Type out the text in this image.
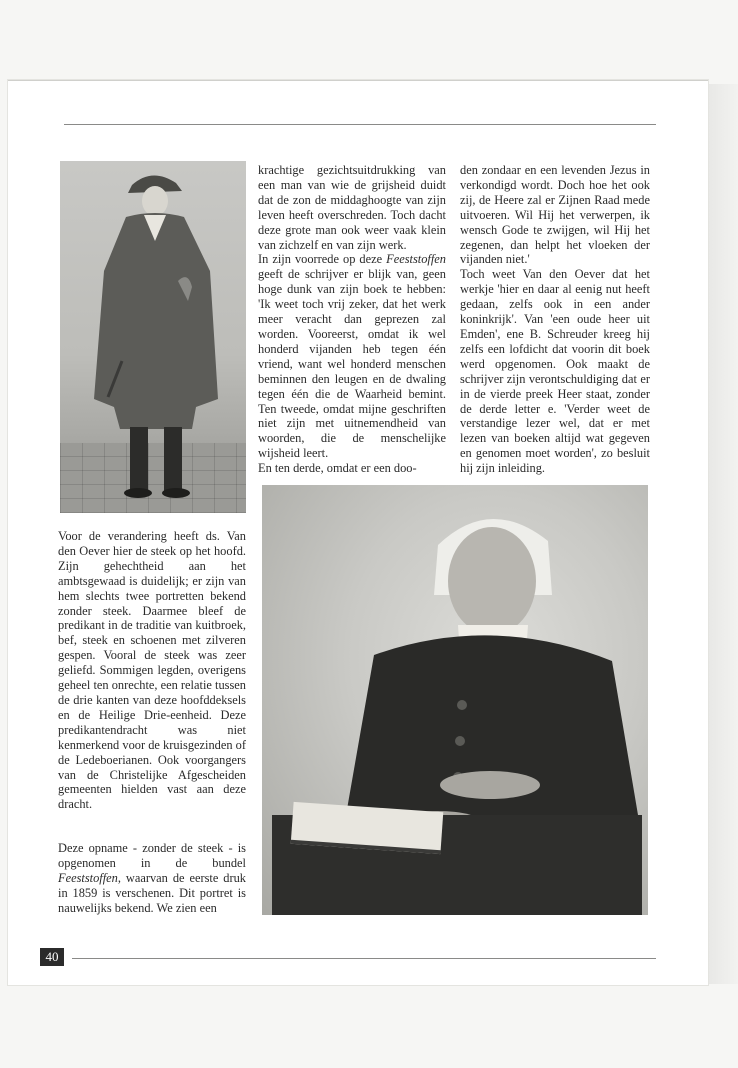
krachtige gezichtsuitdrukking van een man van wie de grijsheid duidt dat de zon de middaghoogte van zijn leven heeft overschreden. Toch dacht deze grote man ook weer vaak klein van zichzelf en van zijn werk.

In zijn voorrede op deze Feeststoffen geeft de schrijver er blijk van, geen hoge dunk van zijn boek te hebben: 'Ik weet toch vrij zeker, dat het werk meer veracht dan geprezen zal worden. Vooreerst, omdat ik wel honderd vijanden heb tegen één vriend, want wel honderd menschen beminnen den leugen en de dwaling tegen één die de Waarheid bemint. Ten tweede, omdat mijne geschriften niet zijn met uitnemendheid van woorden, die de menschelijke wijsheid leert.

En ten derde, omdat er een doo-

den zondaar en een levenden Jezus in verkondigd wordt. Doch hoe het ook zij, de Heere zal er Zijnen Raad mede uitvoeren. Wil Hij het verwerpen, ik wensch Gode te zwijgen, wil Hij het zegenen, dan helpt het vloeken der vijanden niet.'

Toch weet Van den Oever dat het werkje 'hier en daar al eenig nut heeft gedaan, zelfs ook in een ander koninkrijk'. Van 'een oude heer uit Emden', ene B. Schreuder kreeg hij zelfs een lofdicht dat voorin dit boek werd opgenomen. Ook maakt de schrijver zijn verontschuldiging dat er in de vierde preek Heer staat, zonder de derde letter e. 'Verder weet de verstandige lezer wel, dat er met lezen van boeken altijd wat gegeven en genomen moet worden', zo besluit hij zijn inleiding.

Voor de verandering heeft ds. Van den Oever hier de steek op het hoofd. Zijn gehechtheid aan het ambtsgewaad is duidelijk; er zijn van hem slechts twee portretten bekend zonder steek. Daarmee bleef de predikant in de traditie van kuitbroek, bef, steek en schoenen met zilveren gespen. Vooral de steek was zeer geliefd. Sommigen legden, overigens geheel ten onrechte, een relatie tussen de drie kanten van deze hoofddeksels en de Heilige Drie-eenheid. Deze predikantendracht was niet kenmerkend voor de kruisgezinden of de Ledeboerianen. Ook voorgangers van de Christelijke Afgescheiden gemeenten hielden vast aan deze dracht.

Deze opname - zonder de steek - is opgenomen in de bundel Feeststoffen, waarvan de eerste druk in 1859 is verschenen. Dit portret is nauwelijks bekend. We zien een

40
